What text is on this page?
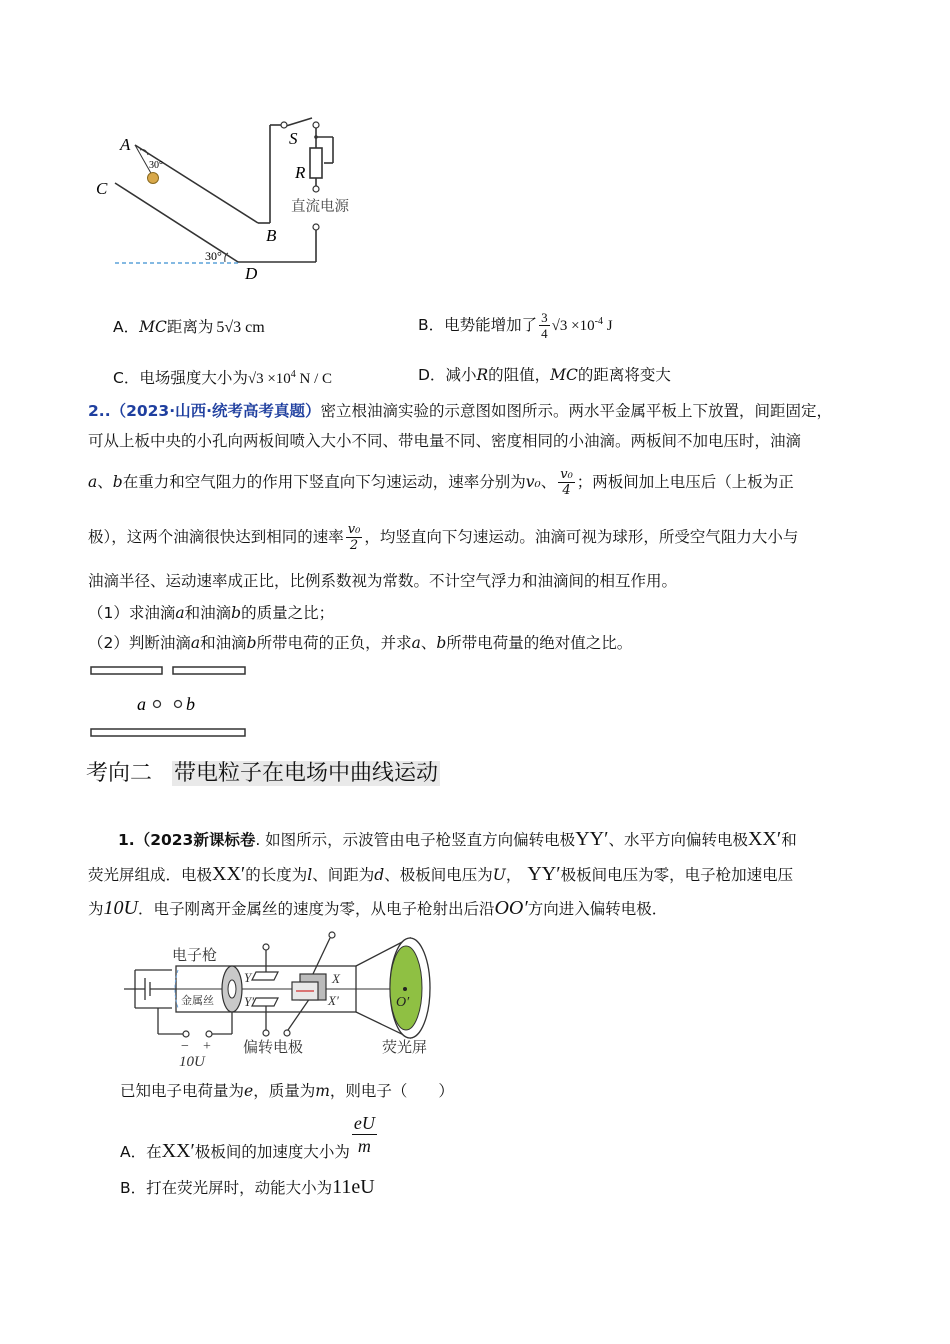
A
C
S
R
B
D
30°
30°
直流电源
A．MC距离为 5√3 cm	B．电势能增加了 $\frac{3}{4} √3 \times 10^{-4}$ J
C．电场强度大小为$√3 \times 10^4$ N / C	D．减小R的阻值，MC的距离将变大
2..（2023·山西·统考高考真题）密立根油滴实验的示意图如图所示。两水平金属平板上下放置，间距固定，
可从上板中央的小孔向两板间喷入大小不同、带电量不同、密度相同的小油滴。两板间不加电压时，油滴
a、b在重力和空气阻力的作用下竖直向下匀速运动，速率分别为v₀、 $\frac{\text{v₀}}{4}$ ；两板间加上电压后（上板为正
极），这两个油滴很快达到相同的速率 $\frac{\text{v₀}}{2}$ ，均竖直向下匀速运动。油滴可视为球形，所受空气阻力大小与
油滴半径、运动速率成正比，比例系数视为常数。不计空气浮力和油滴间的相互作用。
（1）求油滴a和油滴b的质量之比；
（2）判断油滴a和油滴b所带电荷的正负，并求a、b所带电荷量的绝对值之比。
a b
考向二 带电粒子在电场中曲线运动
1.（2023新课标卷. 如图所示，示波管由电子枪竖直方向偏转电极YY′、水平方向偏转电极XX′和
荧光屏组成．电极XX′的长度为l、间距为d、极板间电压为U， YY′极板间电压为零，电子枪加速电压
为10U．电子刚离开金属丝的速度为零，从电子枪射出后沿OO′方向进入偏转电极．
电子枪
金属丝
− +
10U
偏转电极	荧光屏
Y
Y′
X
X′	O′
已知电子电荷量为e，质量为m，则电子（　　）
A．在XX′极板间的加速度大小为 $\frac{eU}{m}$
B．打在荧光屏时，动能大小为11eU
